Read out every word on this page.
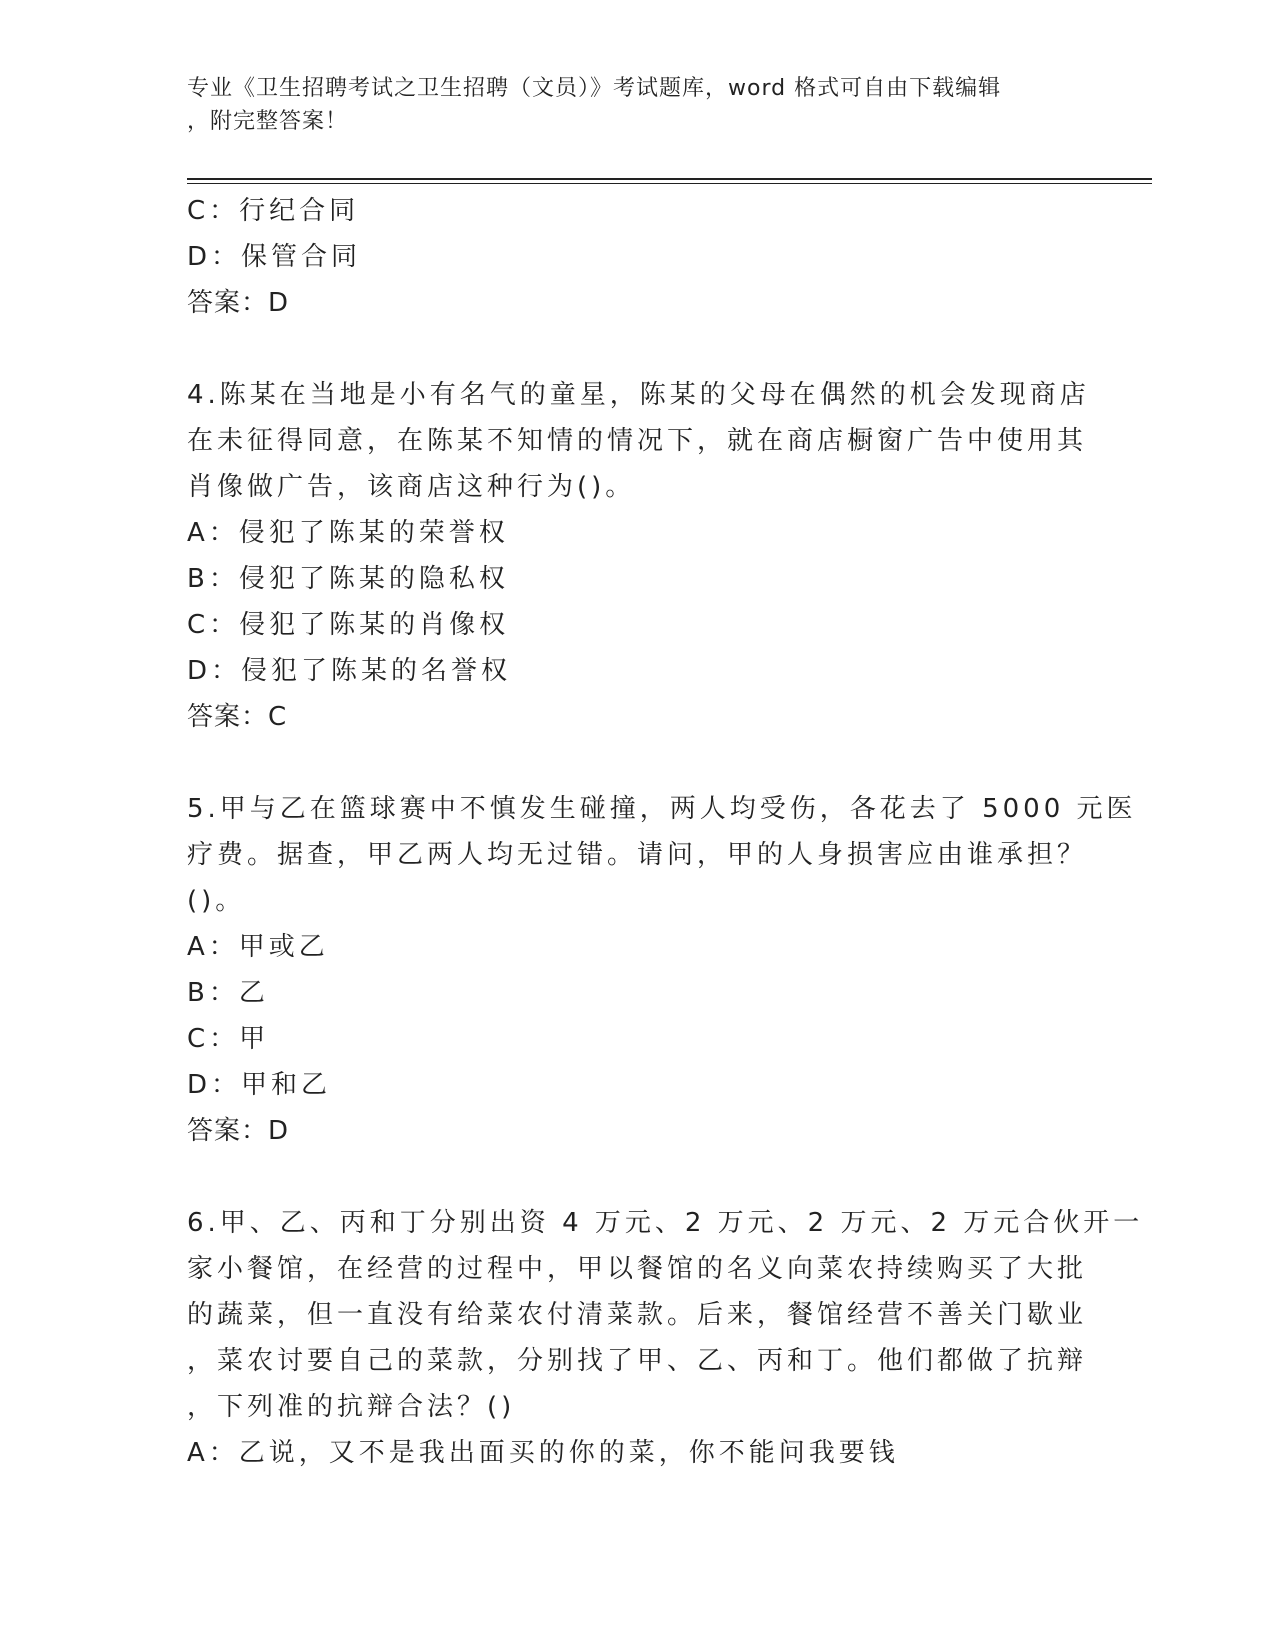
专业《卫生招聘考试之卫生招聘（文员）》考试题库，word 格式可自由下载编辑
，附完整答案！
C：行纪合同
D：保管合同
答案：D
4.陈某在当地是小有名气的童星，陈某的父母在偶然的机会发现商店
在未征得同意，在陈某不知情的情况下，就在商店橱窗广告中使用其
肖像做广告，该商店这种行为()。
A：侵犯了陈某的荣誉权
B：侵犯了陈某的隐私权
C：侵犯了陈某的肖像权
D：侵犯了陈某的名誉权
答案：C
5.甲与乙在篮球赛中不慎发生碰撞，两人均受伤，各花去了 5000 元医
疗费。据查，甲乙两人均无过错。请问，甲的人身损害应由谁承担？
()。
A：甲或乙
B：乙
C：甲
D：甲和乙
答案：D
6.甲、乙、丙和丁分别出资 4 万元、2 万元、2 万元、2 万元合伙开一
家小餐馆，在经营的过程中，甲以餐馆的名义向菜农持续购买了大批
的蔬菜，但一直没有给菜农付清菜款。后来，餐馆经营不善关门歇业
，菜农讨要自己的菜款，分别找了甲、乙、丙和丁。他们都做了抗辩
，下列准的抗辩合法？()
A：乙说，又不是我出面买的你的菜，你不能问我要钱
